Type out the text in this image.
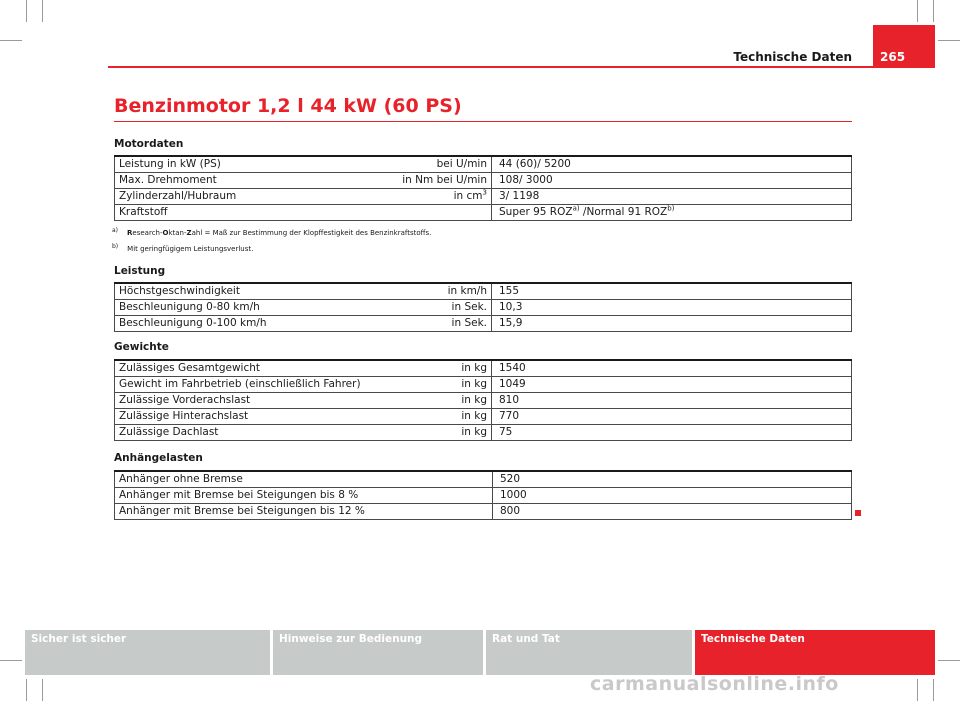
Technische Daten	265
Benzinmotor 1,2 l 44 kW (60 PS)
Motordaten
Leistung in kW (PS)	bei U/min	44 (60)/ 5200
Max. Drehmoment	in Nm bei U/min	108/ 3000
Zylinderzahl/Hubraum	in $cm^3$	3/ 1198
Kraftstoff		Super 95 ROZ$^{a)}$ /Normal 91 ROZ$^{b)}$
$^{a)}$ Research-Oktan-Zahl = Maß zur Bestimmung der Klopffestigkeit des Benzinkraftstoffs.
$^{b)}$ Mit geringfügigem Leistungsverlust.
Leistung
Höchstgeschwindigkeit	in km/h	155
Beschleunigung 0-80 km/h	in Sek.	10,3
Beschleunigung 0-100 km/h	in Sek.	15,9
Gewichte
Zulässiges Gesamtgewicht	in kg	1540
Gewicht im Fahrbetrieb (einschließlich Fahrer)	in kg	1049
Zulässige Vorderachslast	in kg	810
Zulässige Hinterachslast	in kg	770
Zulässige Dachlast	in kg	75
Anhängelasten
Anhänger ohne Bremse	520
Anhänger mit Bremse bei Steigungen bis 8 %	1000
Anhänger mit Bremse bei Steigungen bis 12 %	800
Sicher ist sicher	Hinweise zur Bedienung	Rat und Tat	Technische Daten
carmanualsonline.info
